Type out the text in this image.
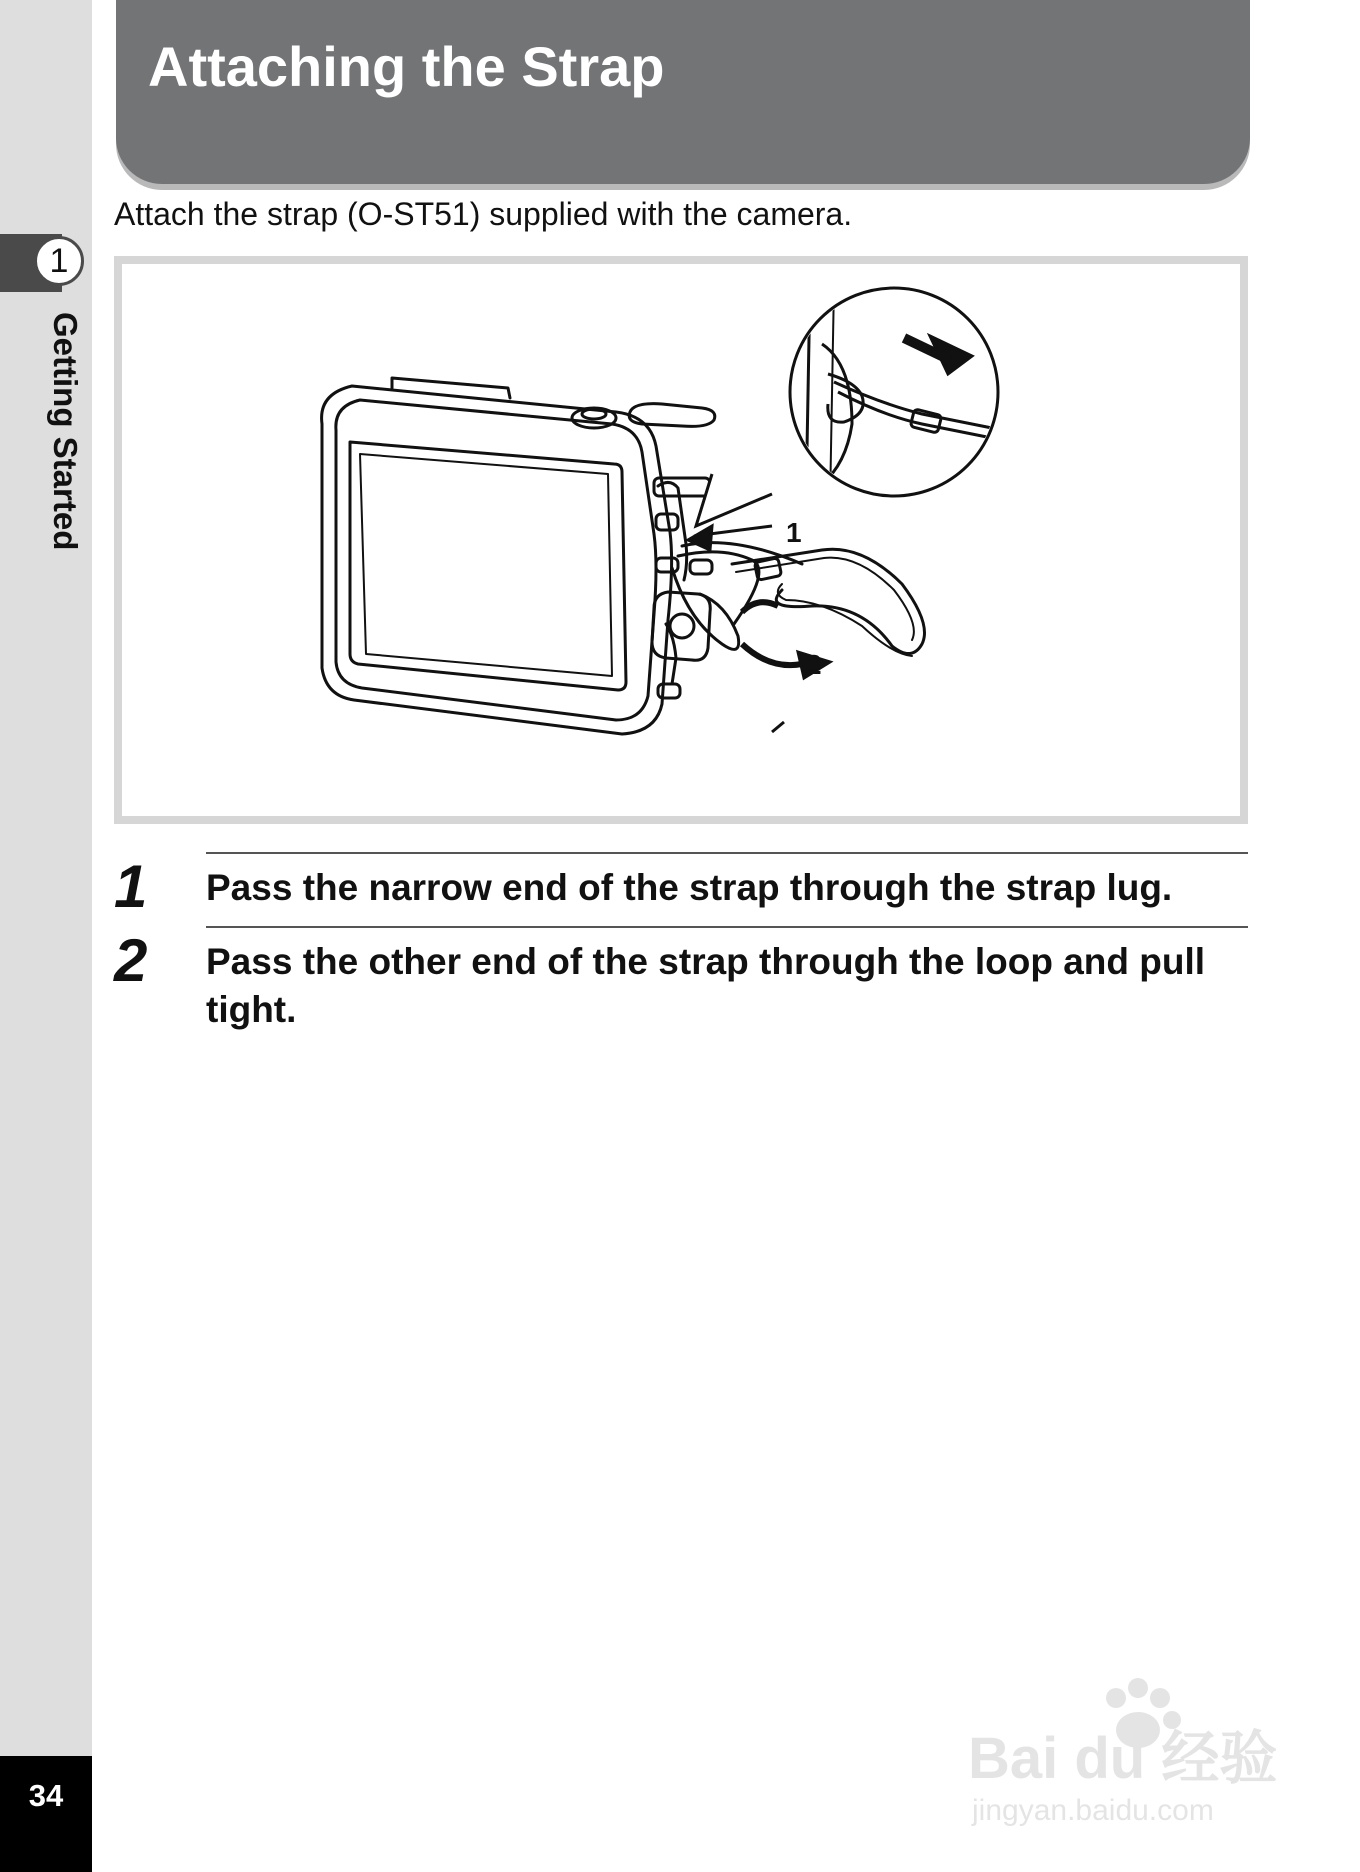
1
Getting Started
34
Attaching the Strap
Attach the strap (O-ST51) supplied with the camera.
1
2
1 Pass the narrow end of the strap through the strap lug.
2 Pass the other end of the strap through the loop and pull tight.
Bai du 经验
jingyan.baidu.com
